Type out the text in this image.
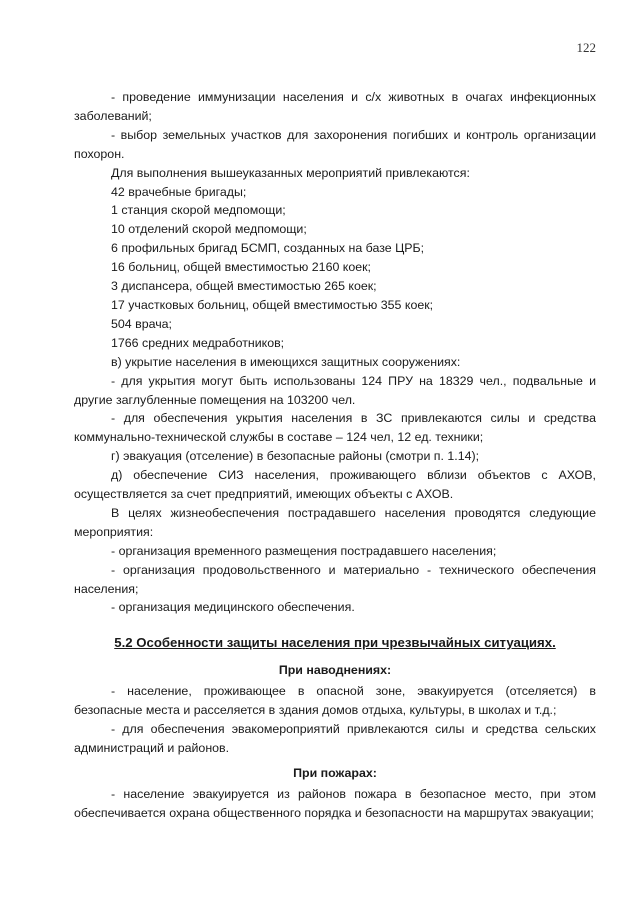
122

- проведение иммунизации населения и с/х животных в очагах инфекционных заболеваний;

- выбор земельных участков для захоронения погибших и контроль организации похорон.

Для выполнения вышеуказанных мероприятий привлекаются:

42 врачебные бригады;

1 станция скорой медпомощи;

10 отделений скорой медпомощи;

6 профильных бригад БСМП, созданных на базе ЦРБ;

16 больниц, общей вместимостью 2160 коек;

3 диспансера, общей вместимостью 265 коек;

17 участковых больниц, общей вместимостью 355 коек;

504 врача;

1766 средних медработников;

в) укрытие населения в имеющихся защитных сооружениях:

- для укрытия могут быть использованы 124 ПРУ на 18329 чел., подвальные и другие заглубленные помещения на 103200 чел.

- для обеспечения укрытия населения в ЗС привлекаются силы и средства коммунально-технической службы в составе – 124 чел, 12 ед. техники;

г) эвакуация (отселение) в безопасные районы (смотри п. 1.14);

д) обеспечение СИЗ населения, проживающего вблизи объектов с АХОВ, осуществляется за счет предприятий, имеющих объекты с АХОВ.

В целях жизнеобеспечения пострадавшего населения проводятся следующие мероприятия:

- организация временного размещения пострадавшего населения;

- организация продовольственного и материально - технического обеспечения населения;

- организация медицинского обеспечения.

5.2 Особенности защиты населения при чрезвычайных ситуациях.
При наводнениях:

- население, проживающее в опасной зоне, эвакуируется (отселяется) в безопасные места и расселяется в здания домов отдыха, культуры, в школах и т.д.;

- для обеспечения эвакомероприятий привлекаются силы и средства сельских администраций и районов.

При пожарах:

- население эвакуируется из районов пожара в безопасное место, при этом обеспечивается охрана общественного порядка и безопасности на маршрутах эвакуации;
